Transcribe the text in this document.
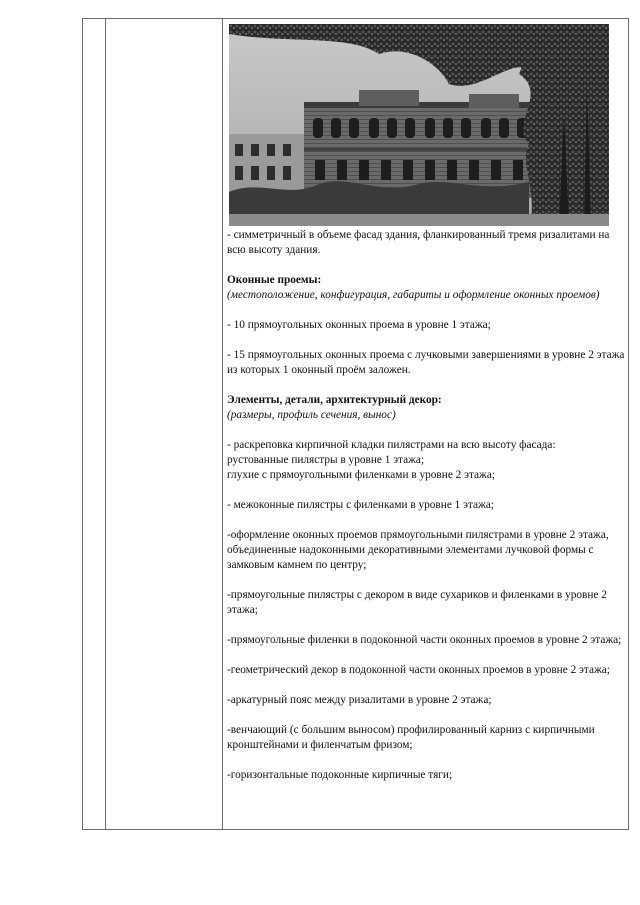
- симметричный в объеме фасад здания, фланкированный тремя ризалитами на всю высоту здания.

Оконные проемы:

(местоположение, конфигурация, габариты и оформление оконных проемов)

- 10 прямоугольных оконных проема в уровне 1 этажа;

- 15 прямоугольных оконных проема с лучковыми завершениями в уровне 2 этажа из которых 1 оконный проём заложен.

Элементы, детали, архитектурный декор:

(размеры, профиль сечения, вынос)

- раскреповка кирпичной кладки пилястрами на всю высоту фасада:
рустованные пилястры в уровне 1 этажа;
глухие с прямоугольными филенками в уровне 2 этажа;

- межоконные пилястры с филенками в уровне 1 этажа;

-оформление оконных проемов прямоугольными пилястрами в уровне 2 этажа, объединенные надоконными декоративными элементами лучковой формы с замковым камнем по центру;

-прямоугольные пилястры с декором в виде сухариков и филенками в уровне 2 этажа;

-прямоугольные филенки в подоконной части оконных проемов в уровне 2 этажа;

-геометрический декор в подоконной части оконных проемов в уровне 2 этажа;

-аркатурный пояс между ризалитами в уровне 2 этажа;

-венчающий (с большим выносом) профилированный карниз с кирпичными кронштейнами и филенчатым фризом;

-горизонтальные подоконные кирпичные тяги;
